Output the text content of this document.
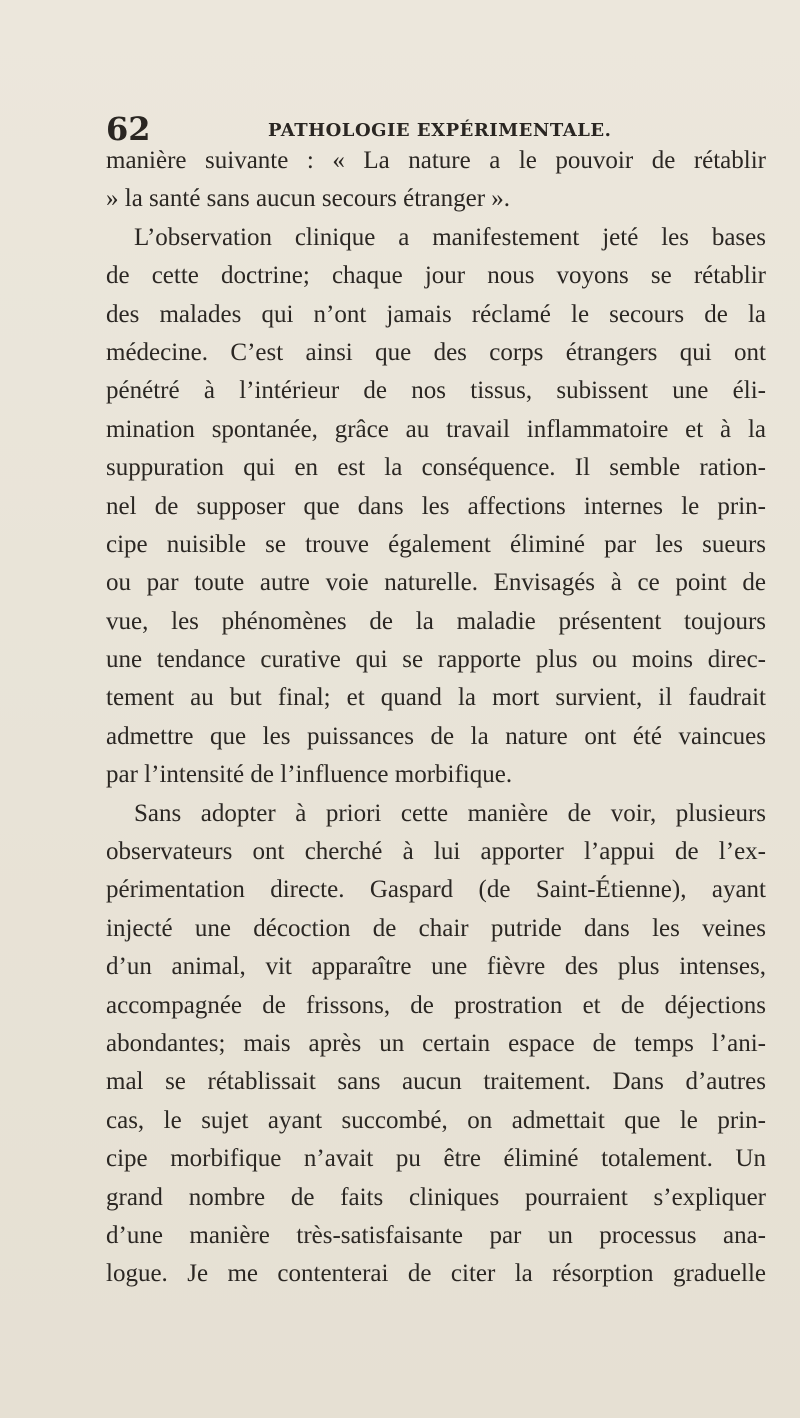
62	PATHOLOGIE EXPÉRIMENTALE.
manière suivante : « La nature a le pouvoir de rétablir
» la santé sans aucun secours étranger ».
L’observation clinique a manifestement jeté les bases
de cette doctrine; chaque jour nous voyons se rétablir
des malades qui n’ont jamais réclamé le secours de la
médecine. C’est ainsi que des corps étrangers qui ont
pénétré à l’intérieur de nos tissus, subissent une éli-
mination spontanée, grâce au travail inflammatoire et à la
suppuration qui en est la conséquence. Il semble ration-
nel de supposer que dans les affections internes le prin-
cipe nuisible se trouve également éliminé par les sueurs
ou par toute autre voie naturelle. Envisagés à ce point de
vue, les phénomènes de la maladie présentent toujours
une tendance curative qui se rapporte plus ou moins direc-
tement au but final; et quand la mort survient, il faudrait
admettre que les puissances de la nature ont été vaincues
par l’intensité de l’influence morbifique.
Sans adopter à priori cette manière de voir, plusieurs
observateurs ont cherché à lui apporter l’appui de l’ex-
périmentation directe. Gaspard (de Saint-Étienne), ayant
injecté une décoction de chair putride dans les veines
d’un animal, vit apparaître une fièvre des plus intenses,
accompagnée de frissons, de prostration et de déjections
abondantes; mais après un certain espace de temps l’ani-
mal se rétablissait sans aucun traitement. Dans d’autres
cas, le sujet ayant succombé, on admettait que le prin-
cipe morbifique n’avait pu être éliminé totalement. Un
grand nombre de faits cliniques pourraient s’expliquer
d’une manière très-satisfaisante par un processus ana-
logue. Je me contenterai de citer la résorption graduelle
